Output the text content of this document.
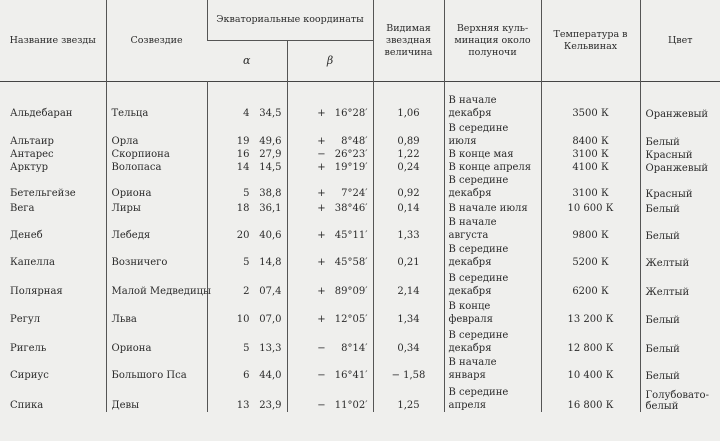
Название звезды	Созвездие	Экваториальные координаты		Видимая звездная величина	Верхняя куль-минация около полуночи	Температура в Кельвинах	Цвет
		α	β				

Альдебаран	Тельца	4 34,5	+ 16°28′	1,06	В начале декабря	3500 К	Оранжевый
Альтаир	Орла	19 49,6	+ 8°48′	0,89	В середине июля	8400 К	Белый
Антарес	Скорпиона	16 27,9	− 26°23′	1,22	В конце мая	3100 К	Красный
Арктур	Волопаса	14 14,5	+ 19°19′	0,24	В конце апреля	4100 К	Оранжевый
Бетельгейзе	Ориона	5 38,8	+ 7°24′	0,92	В середине декабря	3100 К	Красный
Вега	Лиры	18 36,1	+ 38°46′	0,14	В начале июля	10 600 К	Белый
Денеб	Лебедя	20 40,6	+ 45°11′	1,33	В начале августа	9800 К	Белый
Капелла	Возничего	5 14,8	+ 45°58′	0,21	В середине декабря	5200 К	Желтый
Полярная	Малой Медведицы	2 07,4	+ 89°09′	2,14	В середине декабря	6200 К	Желтый
Регул	Льва	10 07,0	+ 12°05′	1,34	В конце февраля	13 200 К	Белый
Ригель	Ориона	5 13,3	− 8°14′	0,34	В середине декабря	12 800 К	Белый
Сириус	Большого Пса	6 44,0	− 16°41′	− 1,58	В начале января	10 400 К	Белый
Спика	Девы	13 23,9	− 11°02′	1,25	В середине апреля	16 800 К	Голубовато-белый
